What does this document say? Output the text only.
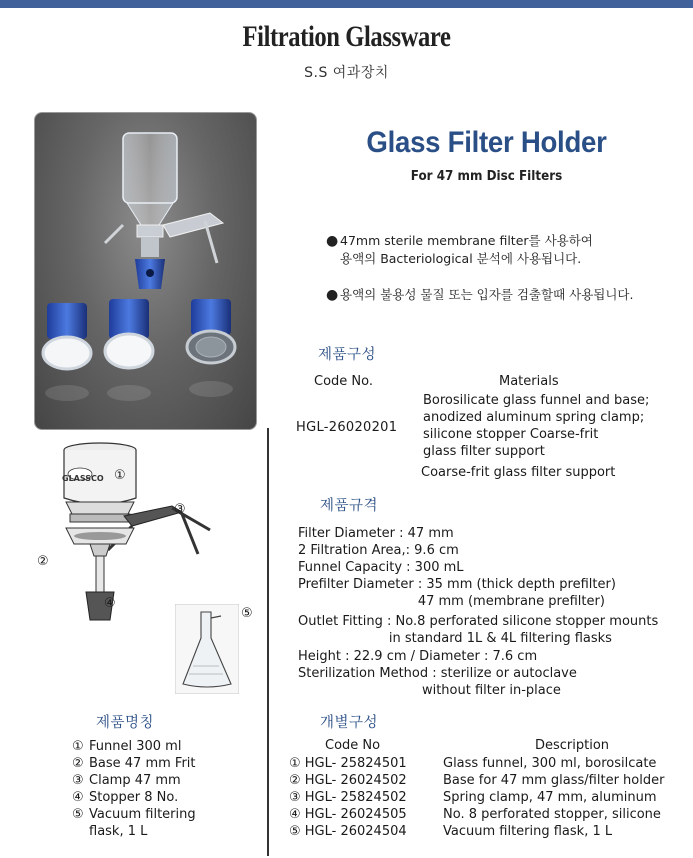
Filtration Glassware
S.S 여과장치
Glass Filter Holder
For 47 mm Disc Filters
● 47mm sterile membrane filter를 사용하여
용액의 Bacteriological 분석에 사용됩니다.
● 용액의 불용성 물질 또는 입자를 검출할때 사용됩니다.
제품구성
Code No.	Materials
HGL-26020201
Borosilicate glass funnel and base;
anodized aluminum spring clamp;
silicone stopper Coarse-frit
glass filter support
Coarse-frit glass filter support
제품규격
Filter Diameter : 47 mm
2 Filtration Area,: 9.6 cm
Funnel Capacity : 300 mL
Prefilter Diameter : 35 mm (thick depth prefilter)
47 mm (membrane prefilter)
Outlet Fitting : No.8 perforated silicone stopper mounts
in standard 1L & 4L filtering flasks
Height : 22.9 cm / Diameter : 7.6 cm
Sterilization Method : sterilize or autoclave
without filter in-place
①
GLASSCO
③
②
④
⑤
제품명칭
① Funnel 300 ml
② Base 47 mm Frit
③ Clamp 47 mm
④ Stopper 8 No.
⑤ Vacuum filtering
flask, 1 L
개별구성
Code No	Description
① HGL- 25824501
② HGL- 26024502
③ HGL- 25824502
④ HGL- 26024505
⑤ HGL- 26024504
Glass funnel, 300 ml, borosilcate
Base for 47 mm glass/filter holder
Spring clamp, 47 mm, aluminum
No. 8 perforated stopper, silicone
Vacuum filtering flask, 1 L
